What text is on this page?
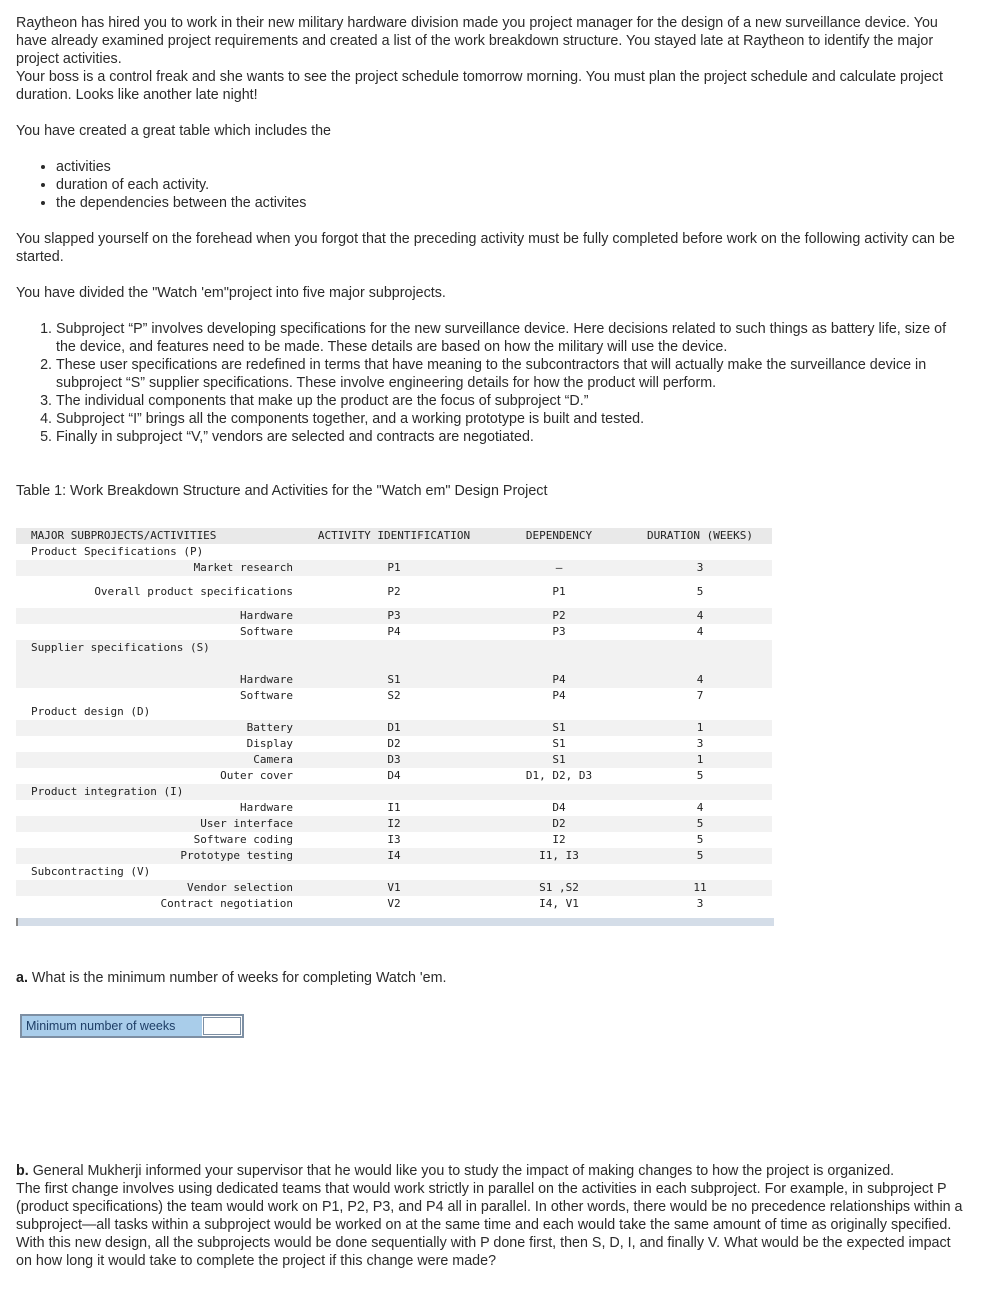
Raytheon has hired you to work in their new military hardware division made you project manager for the design of a new surveillance device. You have already examined project requirements and created a list of the work breakdown structure. You stayed late at Raytheon to identify the major project activities.

Your boss is a control freak and she wants to see the project schedule tomorrow morning. You must plan the project schedule and calculate project duration. Looks like another late night!

You have created a great table which includes the

• activities
• duration of each activity.
• the dependencies between the activites

You slapped yourself on the forehead when you forgot that the preceding activity must be fully completed before work on the following activity can be started.

You have divided the "Watch 'em"project into five major subprojects.

1. Subproject “P” involves developing specifications for the new surveillance device. Here decisions related to such things as battery life, size of the device, and features need to be made. These details are based on how the military will use the device.
2. These user specifications are redefined in terms that have meaning to the subcontractors that will actually make the surveillance device in subproject “S” supplier specifications. These involve engineering details for how the product will perform.
3. The individual components that make up the product are the focus of subproject “D.”
4. Subproject “I” brings all the components together, and a working prototype is built and tested.
5. Finally in subproject “V,” vendors are selected and contracts are negotiated.

Table 1: Work Breakdown Structure and Activities for the "Watch em" Design Project

MAJOR SUBPROJECTS/ACTIVITIES	ACTIVITY IDENTIFICATION	DEPENDENCY	DURATION (WEEKS)
Product Specifications (P)			
Market research	P1	—	3
Overall product specifications	P2	P1	5
Hardware	P3	P2	4
Software	P4	P3	4
Supplier specifications (S)			

Hardware	S1	P4	4
Software	S2	P4	7
Product design (D)			
Battery	D1	S1	1
Display	D2	S1	3
Camera	D3	S1	1
Outer cover	D4	D1, D2, D3	5
Product integration (I)			
Hardware	I1	D4	4
User interface	I2	D2	5
Software coding	I3	I2	5
Prototype testing	I4	I1, I3	5
Subcontracting (V)			
Vendor selection	V1	S1 ,S2	11
Contract negotiation	V2	I4, V1	3
a. What is the minimum number of weeks for completing Watch 'em.
Minimum number of weeks

b. General Mukherji informed your supervisor that he would like you to study the impact of making changes to how the project is organized.

The first change involves using dedicated teams that would work strictly in parallel on the activities in each subproject. For example, in subproject P (product specifications) the team would work on P1, P2, P3, and P4 all in parallel. In other words, there would be no precedence relationships within a subproject—all tasks within a subproject would be worked on at the same time and each would take the same amount of time as originally specified. With this new design, all the subprojects would be done sequentially with P done first, then S, D, I, and finally V. What would be the expected impact on how long it would take to complete the project if this change were made?
